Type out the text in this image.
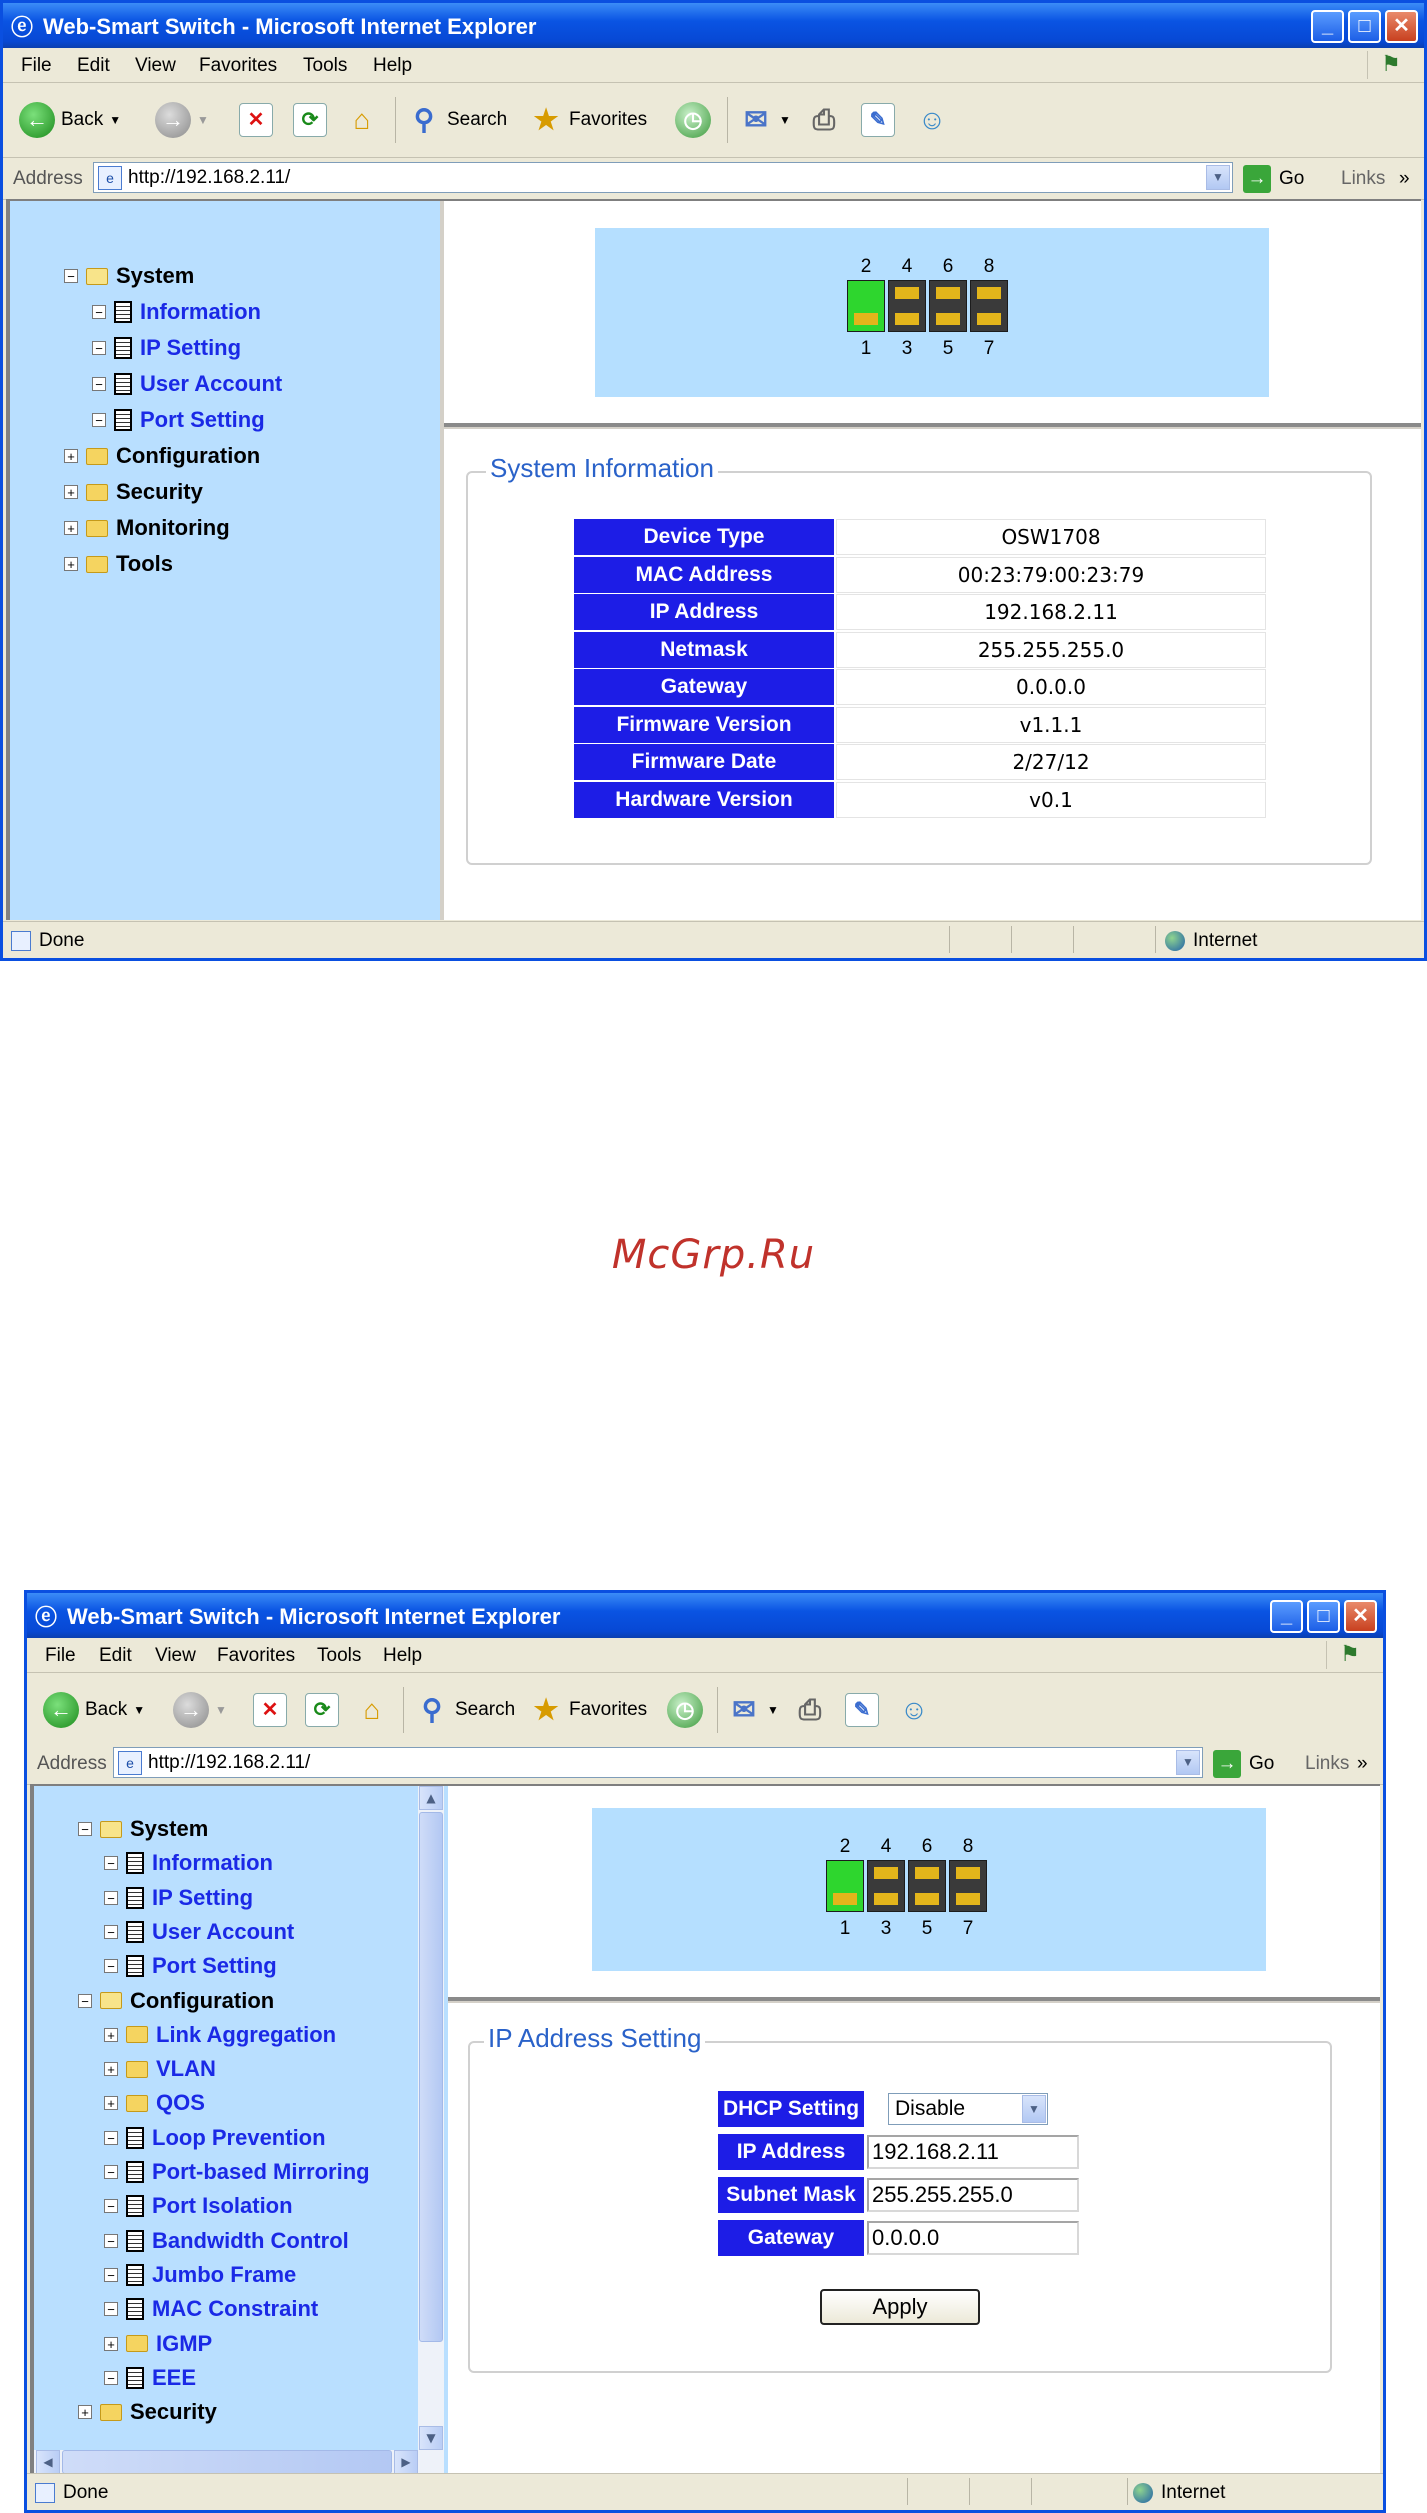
ⓔ Web-Smart Switch - Microsoft Internet Explorer	_	□	✕
File Edit View Favorites Tools Help	⚑
← Back ▼	→	▼	✕	⟳	⌂	⚲ Search ★ Favorites	◷	✉ ▼ ⎙	✎	☺
Address	e http://192.168.2.11/	▼	→ Go Links »
− System
− Information
− IP Setting
− User Account
− Port Setting
+ Configuration
+ Security
+ Monitoring
+ Tools
2
1
4
3
6
5
8
7
System Information
Device Type	OSW1708
MAC Address	00:23:79:00:23:79
IP Address	192.168.2.11
Netmask	255.255.255.0
Gateway	0.0.0.0
Firmware Version	v1.1.1
Firmware Date	2/27/12
Hardware Version	v0.1
Done	Internet
McGrp.Ru
ⓔ Web-Smart Switch - Microsoft Internet Explorer	_	□	✕
File Edit View Favorites Tools Help	⚑
← Back ▼	→	▼	✕	⟳	⌂	⚲ Search ★ Favorites	◷	✉ ▼ ⎙	✎	☺
Address	e http://192.168.2.11/	▼	→ Go Links »
− System
− Information
− IP Setting
− User Account
− Port Setting
− Configuration
+ Link Aggregation
+ VLAN
+ QOS
− Loop Prevention
− Port-based Mirroring
− Port Isolation
− Bandwidth Control
− Jumbo Frame
− MAC Constraint
+ IGMP
− EEE
+ Security
▲
▼
◀	▶
2
1
4
3
6
5
8
7
IP Address Setting
DHCP Setting	Disable	▼
IP Address	192.168.2.11
Subnet Mask 255.255.255.0
Gateway	0.0.0.0
Apply
Done	Internet
